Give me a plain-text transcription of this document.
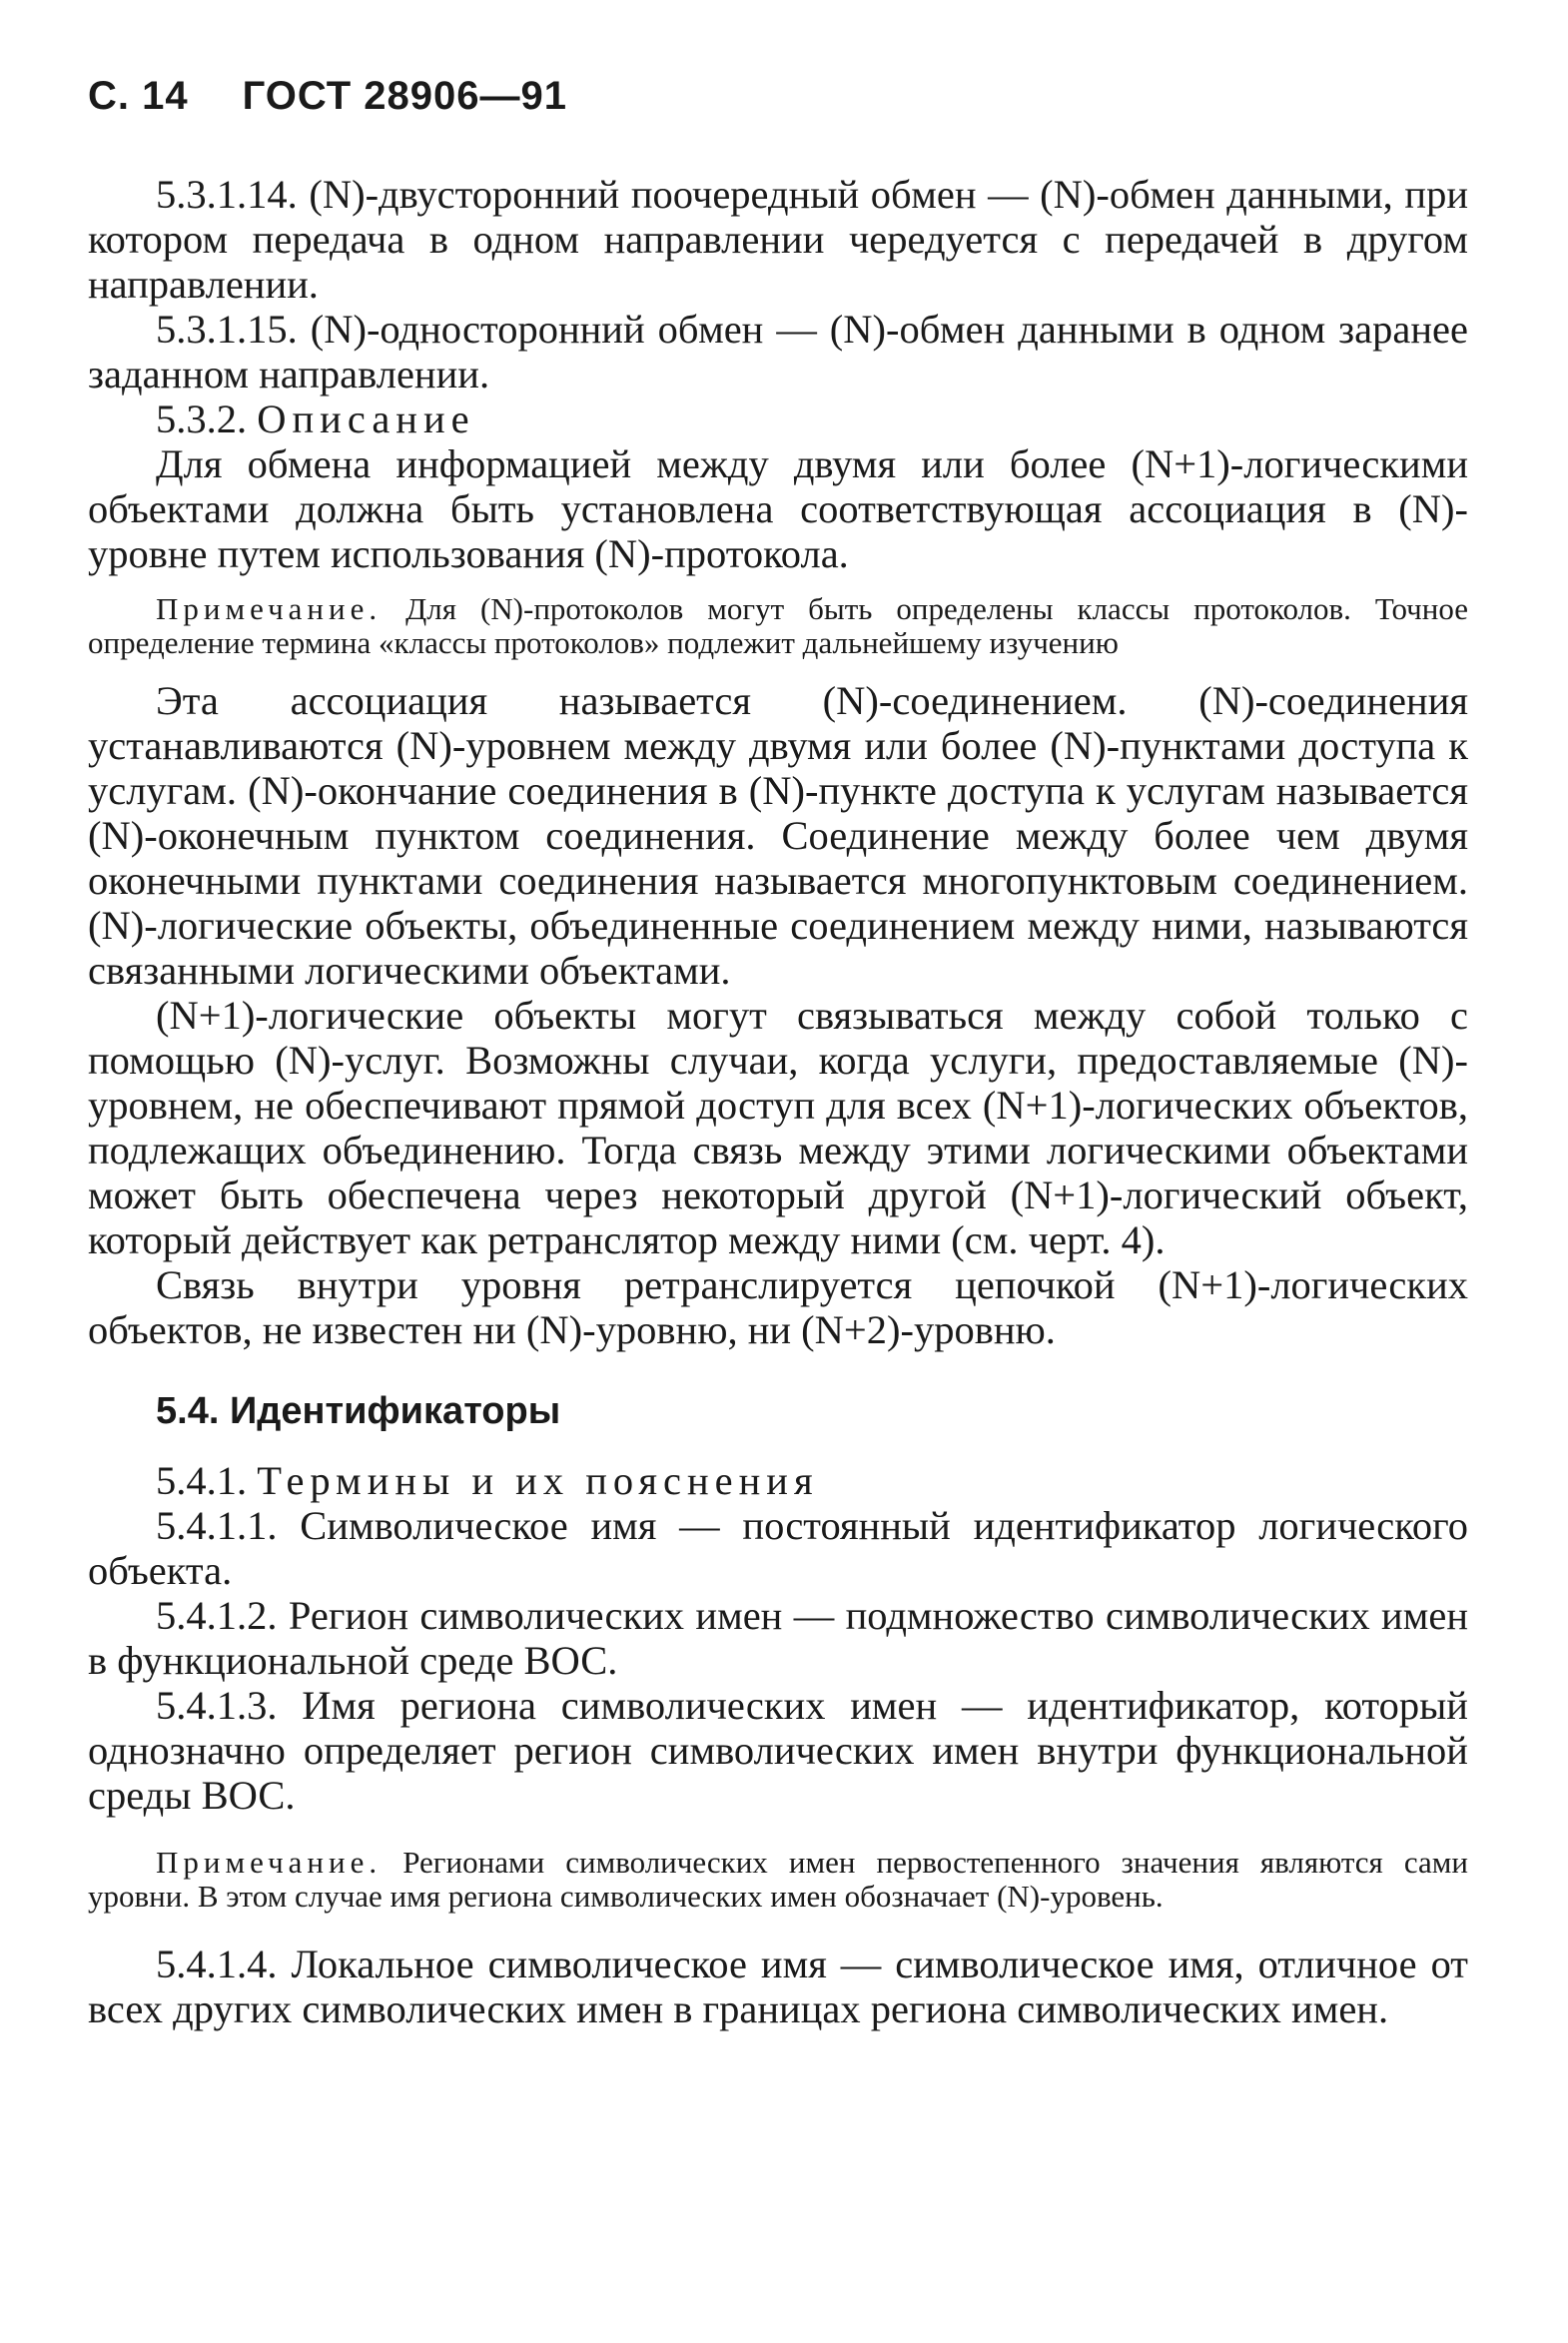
С. 14 ГОСТ 28906—91

5.3.1.14. (N)-двусторонний поочередный обмен — (N)-обмен данными, при котором передача в одном направлении чередуется с передачей в другом направлении.

5.3.1.15. (N)-односторонний обмен — (N)-обмен данными в одном заранее заданном направлении.

5.3.2. Описание

Для обмена информацией между двумя или более (N+1)-логическими объектами должна быть установлена соответствующая ассоциация в (N)-уровне путем использования (N)-протокола.

Примечание. Для (N)-протоколов могут быть определены классы протоколов. Точное определение термина «классы протоколов» подлежит дальнейшему изучению

Эта ассоциация называется (N)-соединением. (N)-соединения устанавливаются (N)-уровнем между двумя или более (N)-пунктами доступа к услугам. (N)-окончание соединения в (N)-пункте доступа к услугам называется (N)-оконечным пунктом соединения. Соединение между более чем двумя оконечными пунктами соединения называется многопунктовым соединением. (N)-логические объекты, объединенные соединением между ними, называются связанными логическими объектами.

(N+1)-логические объекты могут связываться между собой только с помощью (N)-услуг. Возможны случаи, когда услуги, предоставляемые (N)-уровнем, не обеспечивают прямой доступ для всех (N+1)-логических объектов, подлежащих объединению. Тогда связь между этими логическими объектами может быть обеспечена через некоторый другой (N+1)-логический объект, который действует как ретранслятор между ними (см. черт. 4).

Связь внутри уровня ретранслируется цепочкой (N+1)-логических объектов, не известен ни (N)-уровню, ни (N+2)-уровню.

5.4. Идентификаторы

5.4.1. Термины и их пояснения

5.4.1.1. Символическое имя — постоянный идентификатор логического объекта.

5.4.1.2. Регион символических имен — подмножество символических имен в функциональной среде ВОС.

5.4.1.3. Имя региона символических имен — идентификатор, который однозначно определяет регион символических имен внутри функциональной среды ВОС.

Примечание. Регионами символических имен первостепенного значения являются сами уровни. В этом случае имя региона символических имен обозначает (N)-уровень.

5.4.1.4. Локальное символическое имя — символическое имя, отличное от всех других символических имен в границах региона символических имен.
